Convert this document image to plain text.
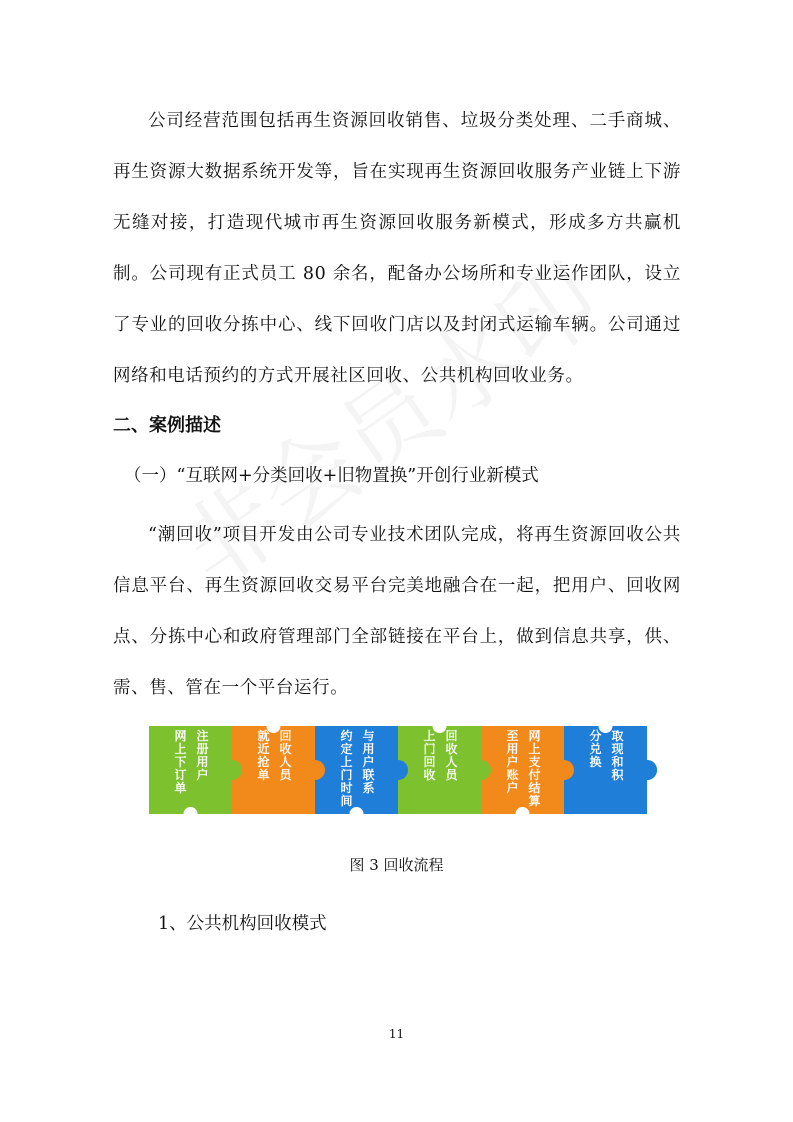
公司经营范围包括再生资源回收销售、垃圾分类处理、二手商城、再生资源大数据系统开发等，旨在实现再生资源回收服务产业链上下游无缝对接，打造现代城市再生资源回收服务新模式，形成多方共赢机制。公司现有正式员工 80 余名，配备办公场所和专业运作团队，设立了专业的回收分拣中心、线下回收门店以及封闭式运输车辆。公司通过网络和电话预约的方式开展社区回收、公共机构回收业务。
二、案例描述
（一）“互联网+分类回收+旧物置换”开创行业新模式
“潮回收”项目开发由公司专业技术团队完成，将再生资源回收公共信息平台、再生资源回收交易平台完美地融合在一起，把用户、回收网点、分拣中心和政府管理部门全部链接在平台上，做到信息共享，供、需、售、管在一个平台运行。
网上下订单
注册用户
就近抢单
回收人员
约定上门时间
与用户联系
上门回收
回收人员
至用户账户
网上支付结算
分兑换
取现和积
图 3 回收流程
1、公共机构回收模式
11
